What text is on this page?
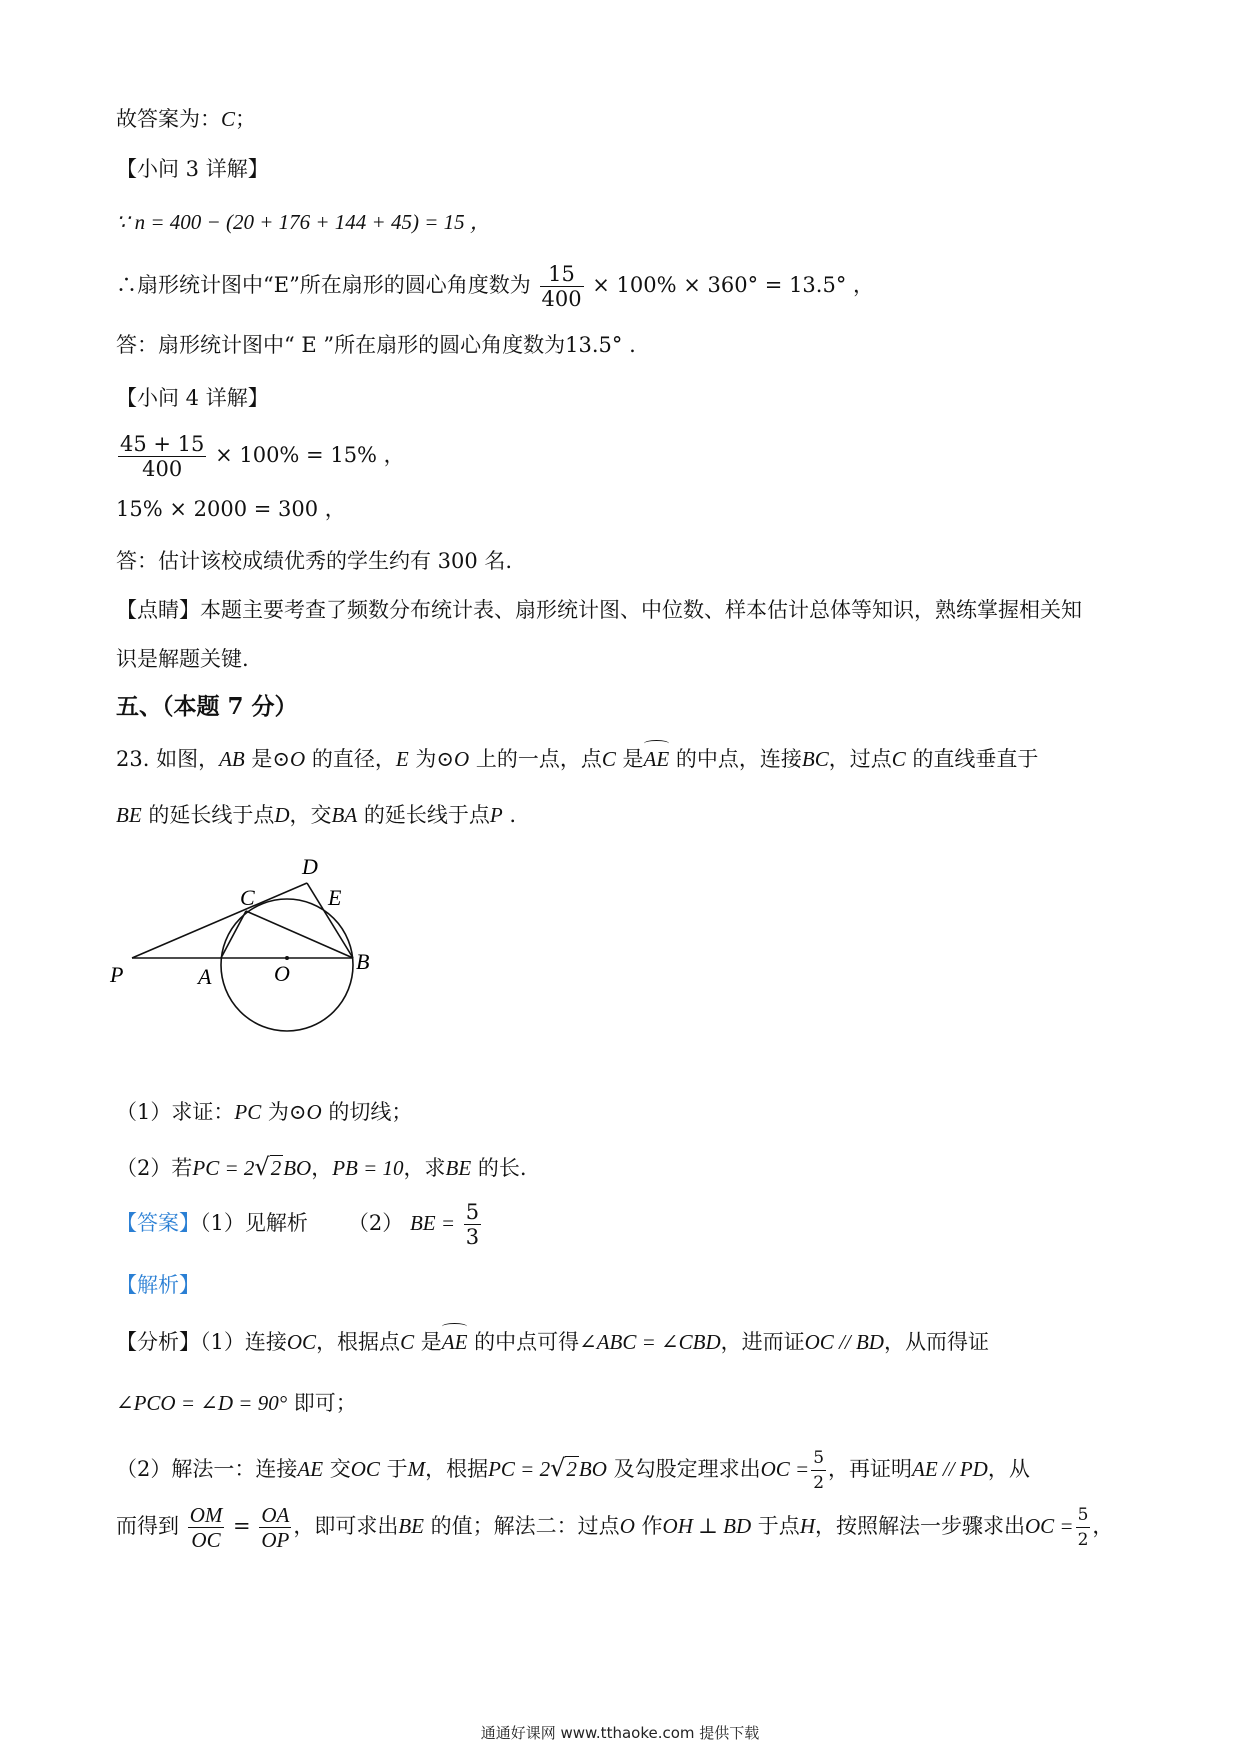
故答案为：C；
【小问 3 详解】
∵ n = 400 − (20 + 176 + 144 + 45) = 15 ，
∴扇形统计图中“E”所在扇形的圆心角度数为 $\frac{15}{400} \times 100\% \times 360^\circ = 13.5^\circ$ ，
答：扇形统计图中“ E ”所在扇形的圆心角度数为13.5° .
【小问 4 详解】
$\frac{45 + 15}{400} \times 100\% = 15\%$ ，
15% × 2000 = 300 ，
答：估计该校成绩优秀的学生约有 300 名.
【点睛】本题主要考查了频数分布统计表、扇形统计图、中位数、样本估计总体等知识，熟练掌握相关知
识是解题关键.
五、（本题 7 分）
23. 如图，AB 是⊙O 的直径，E 为⊙O 上的一点，点C 是AE 的中点，连接BC，过点C 的直线垂直于
BE 的延长线于点D，交BA 的延长线于点P .
P	A	O	B
C
D
E
（1）求证：PC 为⊙O 的切线；
（2）若PC = 2√2BO，PB = 10，求BE 的长.
【答案】（1）见解析 （2） BE = $\frac{5}{3}$
【解析】
【分析】（1）连接OC，根据点C 是AE 的中点可得∠ABC = ∠CBD，进而证OC // BD，从而得证
∠PCO = ∠D = 90° 即可；
（2）解法一：连接AE 交OC 于M，根据PC = 2√2BO 及勾股定理求出OC = $\frac{5}{2}$ ，再证明AE // PD，从
而得到 $\frac{OM}{OC} = \frac{OA}{OP}$ ，即可求出BE 的值；解法二：过点O 作OH ⊥ BD 于点H，按照解法一步骤求出OC = $\frac{5}{2}$ ，
通通好课网 www.tthaoke.com 提供下载
